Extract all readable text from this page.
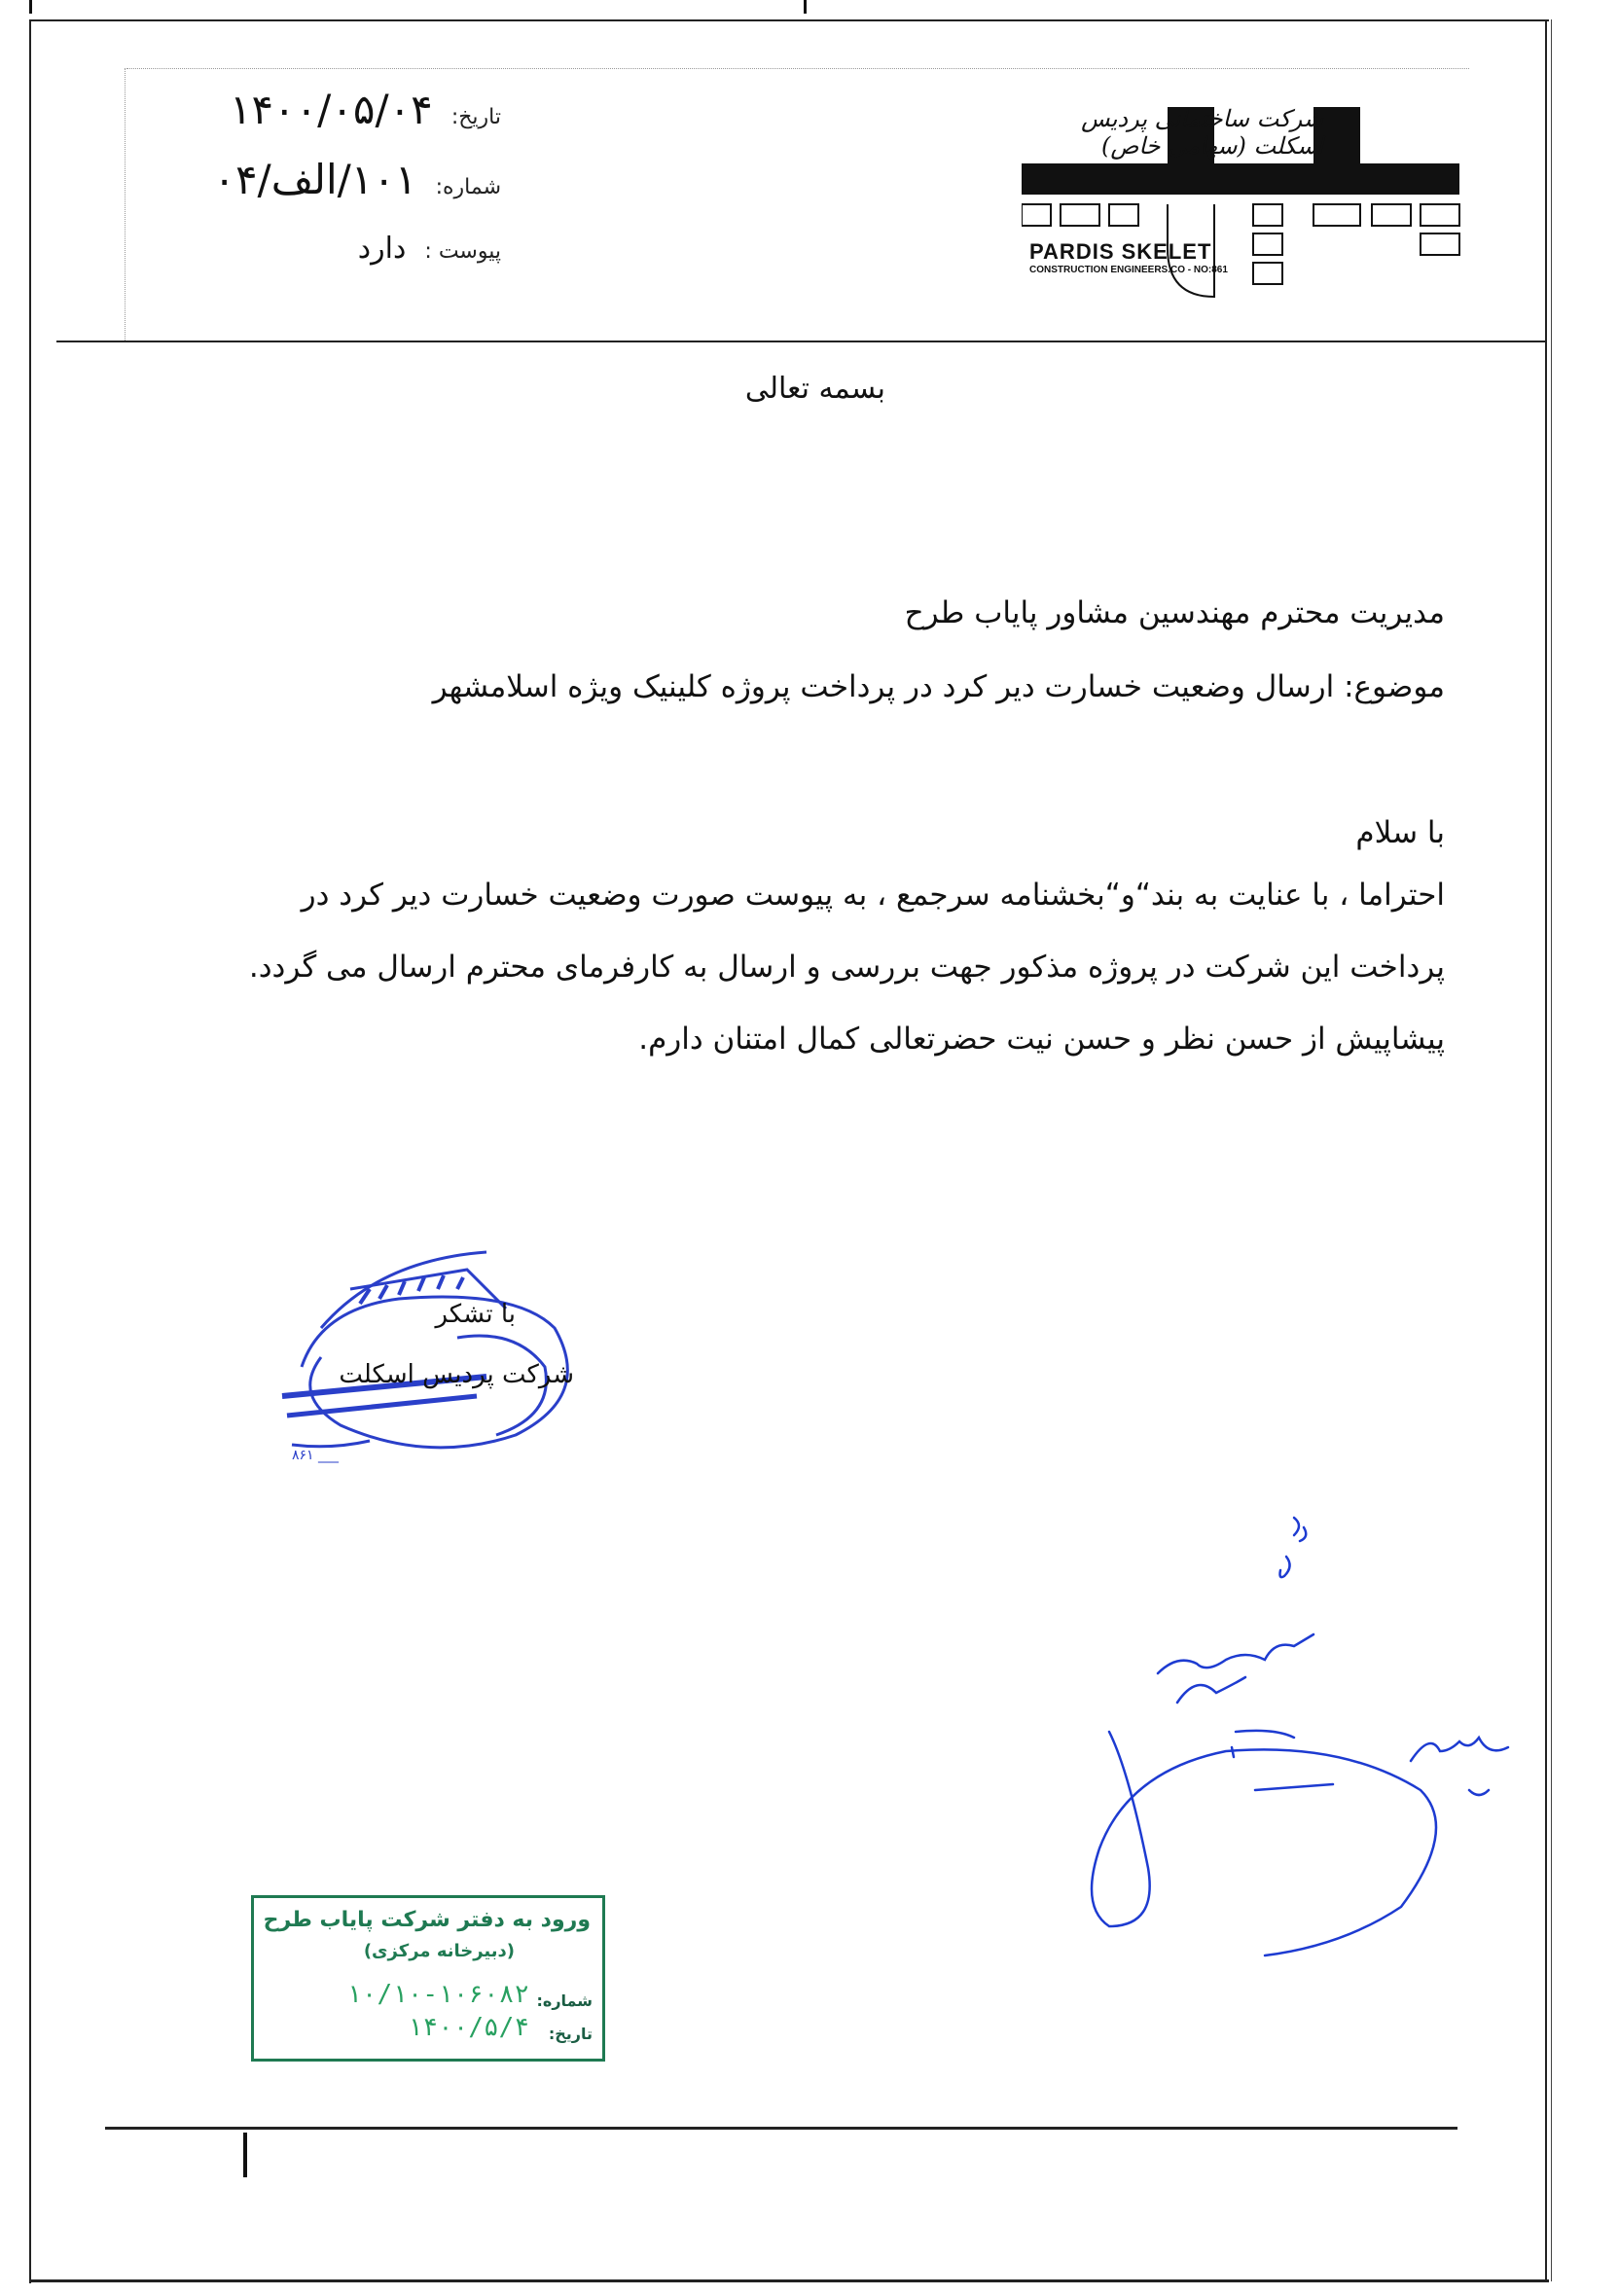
تاریخ: ۱۴۰۰/۰۵/۰۴
شماره: ۱۰۱/الف/۰۴
پیوست : دارد
شرکت ساختمانی پردیس اسکلت (سهامی خاص)
PARDIS SKELET
CONSTRUCTION ENGINEERS.CO - NO:861
بسمه تعالی
مدیریت محترم مهندسین مشاور پایاب طرح
موضوع: ارسال وضعیت خسارت دیر کرد در پرداخت پروژه کلینیک ویژه اسلامشهر
با سلام
احتراما ، با عنایت به بند“و“بخشنامه سرجمع ، به پیوست صورت وضعیت خسارت دیر کرد در
پرداخت این شرکت در پروژه مذکور جهت بررسی و ارسال به کارفرمای محترم ارسال می گردد.
پیشاپیش از حسن نظر و حسن نیت حضرتعالی کمال امتنان دارم.
۸۶۱ ___
با تشکر
شرکت پردیس اسکلت
ورود به دفتر شرکت پایاب طرح
(دبیرخانه مرکزی)
شماره:
۱۰/۱۰-۱۰۶۰۸۲
تاریخ:
۱۴۰۰/۵/۴
